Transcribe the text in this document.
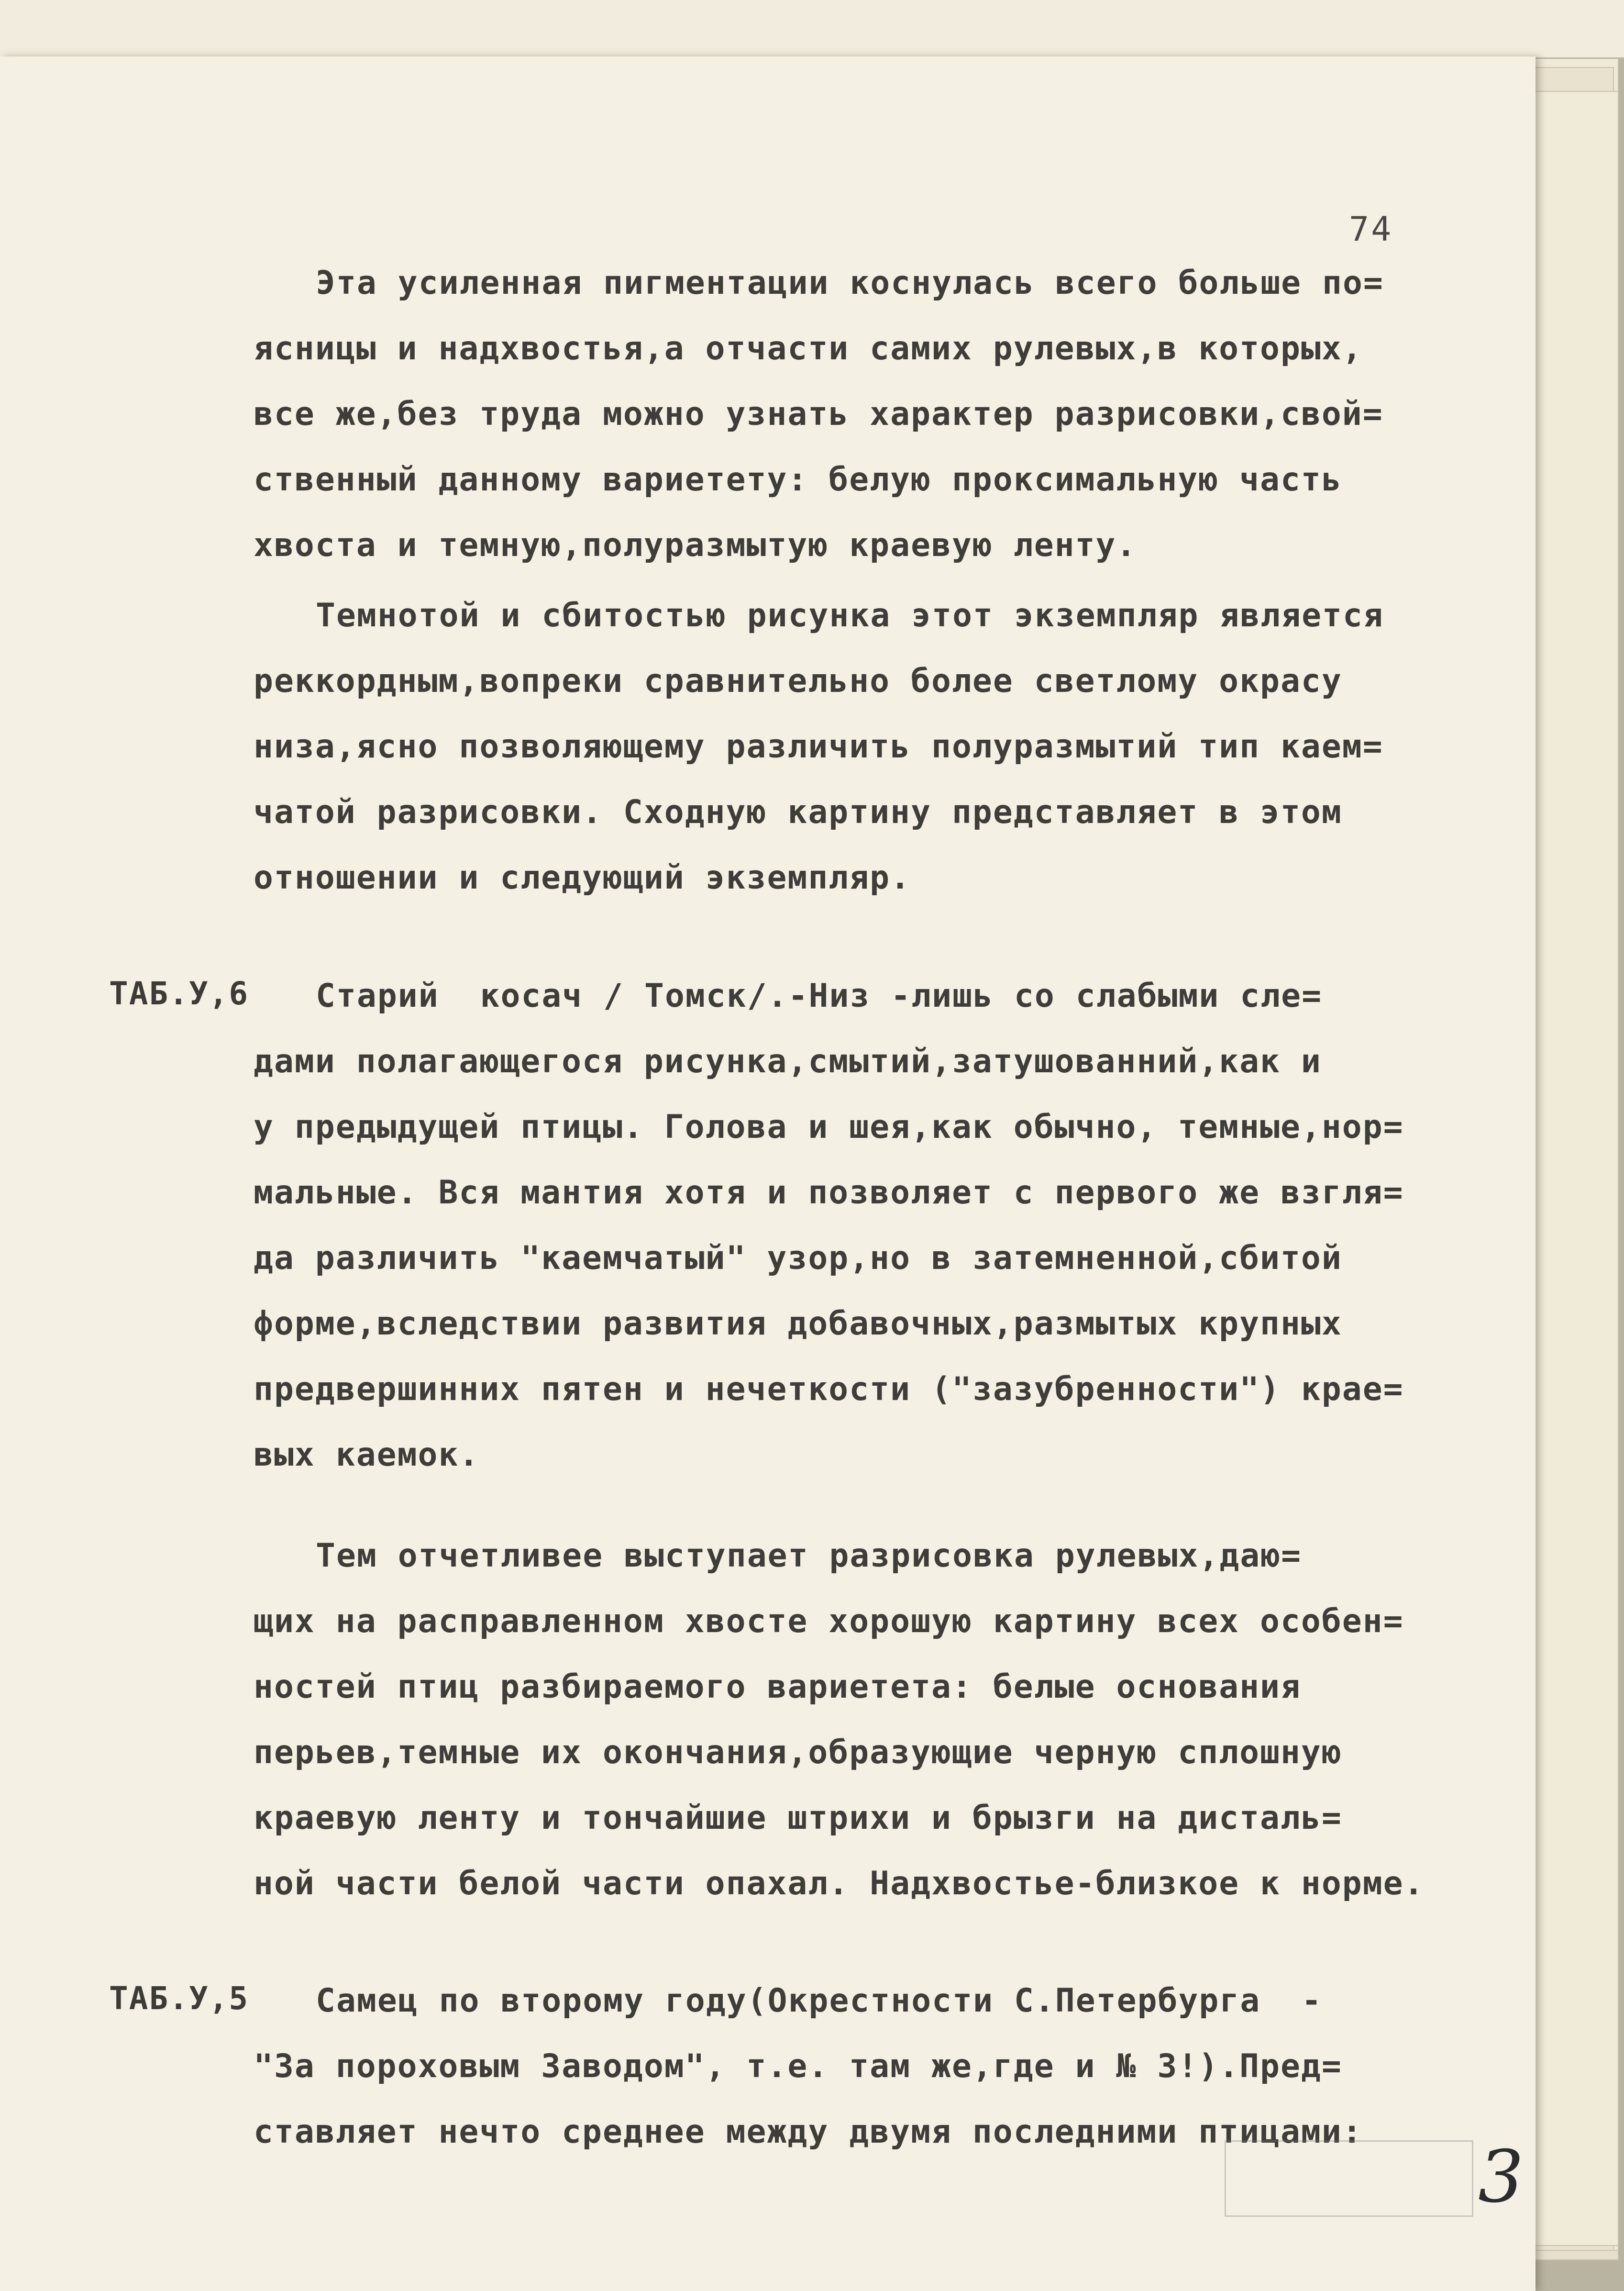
74
Эта усиленная пигментации коснулась всего больше по=
ясницы и надхвостья,а отчасти самих рулевых,в которых,
все же,без труда можно узнать характер разрисовки,свой=
ственный данному вариетету: белую проксимальную часть
хвоста и темную,полуразмытую краевую ленту.
Темнотой и сбитостью рисунка этот экземпляр является
реккордным,вопреки сравнительно более светлому окрасу
низа,ясно позволяющему различить полуразмытий тип каем=
чатой разрисовки. Сходную картину представляет в этом
отношении и следующий экземпляр.
ТАБ.У,6	Старий  косач / Томск/.-Низ -лишь со слабыми сле=
дами полагающегося рисунка,смытий,затушованний,как и
у предыдущей птицы. Голова и шея,как обычно, темные,нор=
мальные. Вся мантия хотя и позволяет с первого же взгля=
да различить "каемчатый" узор,но в затемненной,сбитой
форме,вследствии развития добавочных,размытых крупных
предвершинних пятен и нечеткости ("зазубренности") крае=
вых каемок.
Тем отчетливее выступает разрисовка рулевых,даю=
щих на расправленном хвосте хорошую картину всех особен=
ностей птиц разбираемого вариетета: белые основания
перьев,темные их окончания,образующие черную сплошную
краевую ленту и тончайшие штрихи и брызги на дисталь=
ной части белой части опахал. Надхвостье-близкое к норме.
ТАБ.У,5	Самец по второму году(Окрестности С.Петербурга  -
"За пороховым Заводом", т.е. там же,где и № 3!).Пред=
ставляет нечто среднее между двумя последними птицами:
3
